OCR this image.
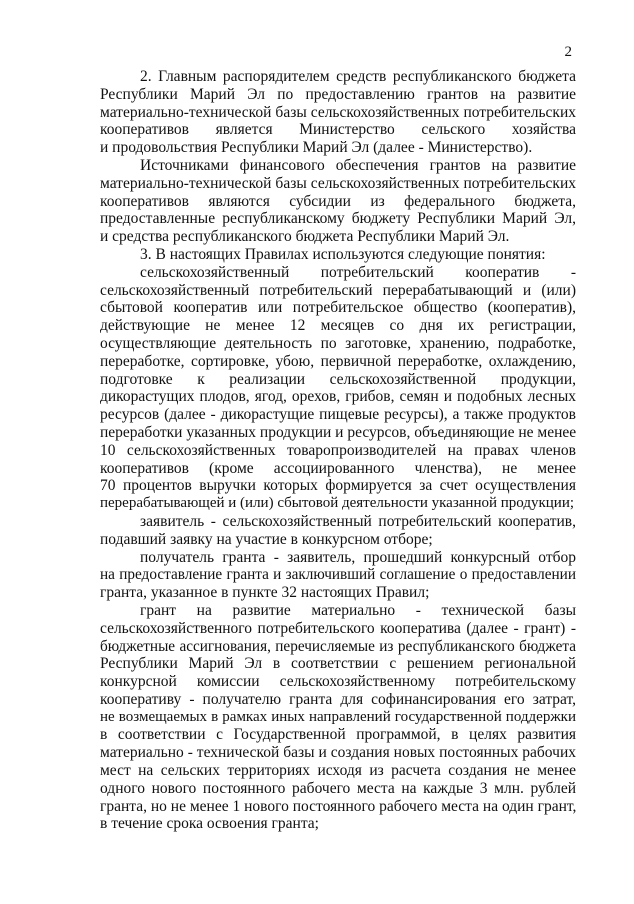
2
2. Главным распорядителем средств республиканского бюджета
Республики Марий Эл по предоставлению грантов на развитие
материально-технической базы сельскохозяйственных потребительских
кооперативов является Министерство сельского хозяйства
и продовольствия Республики Марий Эл (далее - Министерство).
Источниками финансового обеспечения грантов на развитие
материально-технической базы сельскохозяйственных потребительских
кооперативов являются субсидии из федерального бюджета,
предоставленные республиканскому бюджету Республики Марий Эл,
и средства республиканского бюджета Республики Марий Эл.
3. В настоящих Правилах используются следующие понятия:
сельскохозяйственный потребительский кооператив -
сельскохозяйственный потребительский перерабатывающий и (или)
сбытовой кооператив или потребительское общество (кооператив),
действующие не менее 12 месяцев со дня их регистрации,
осуществляющие деятельность по заготовке, хранению, подработке,
переработке, сортировке, убою, первичной переработке, охлаждению,
подготовке к реализации сельскохозяйственной продукции,
дикорастущих плодов, ягод, орехов, грибов, семян и подобных лесных
ресурсов (далее - дикорастущие пищевые ресурсы), а также продуктов
переработки указанных продукции и ресурсов, объединяющие не менее
10 сельскохозяйственных товаропроизводителей на правах членов
кооперативов (кроме ассоциированного членства), не менее
70 процентов выручки которых формируется за счет осуществления
перерабатывающей и (или) сбытовой деятельности указанной продукции;
заявитель - сельскохозяйственный потребительский кооператив,
подавший заявку на участие в конкурсном отборе;
получатель гранта - заявитель, прошедший конкурсный отбор
на предоставление гранта и заключивший соглашение о предоставлении
гранта, указанное в пункте 32 настоящих Правил;
грант на развитие материально - технической базы
сельскохозяйственного потребительского кооператива (далее - грант) -
бюджетные ассигнования, перечисляемые из республиканского бюджета
Республики Марий Эл в соответствии с решением региональной
конкурсной комиссии сельскохозяйственному потребительскому
кооперативу - получателю гранта для софинансирования его затрат,
не возмещаемых в рамках иных направлений государственной поддержки
в соответствии с Государственной программой, в целях развития
материально - технической базы и создания новых постоянных рабочих
мест на сельских территориях исходя из расчета создания не менее
одного нового постоянного рабочего места на каждые 3 млн. рублей
гранта, но не менее 1 нового постоянного рабочего места на один грант,
в течение срока освоения гранта;
